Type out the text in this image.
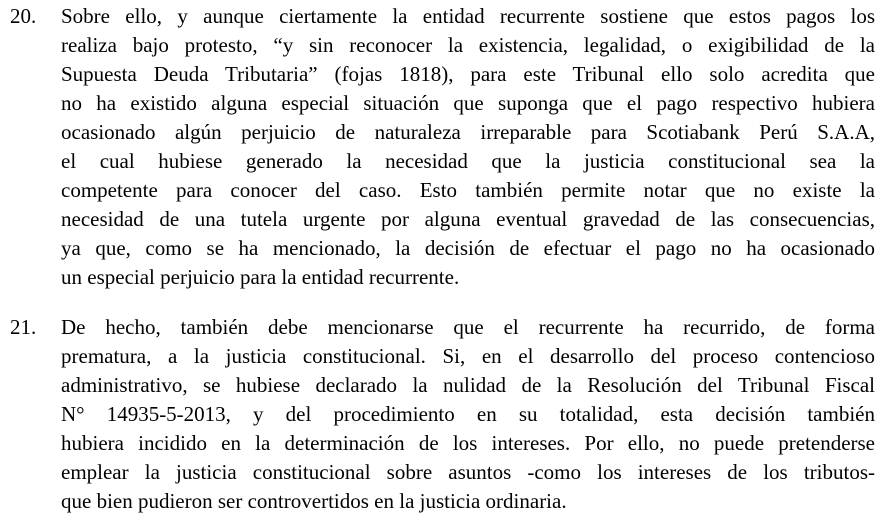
20. Sobre ello, y aunque ciertamente la entidad recurrente sostiene que estos pagos los
realiza bajo protesto, “y sin reconocer la existencia, legalidad, o exigibilidad de la
Supuesta Deuda Tributaria” (fojas 1818), para este Tribunal ello solo acredita que
no ha existido alguna especial situación que suponga que el pago respectivo hubiera
ocasionado algún perjuicio de naturaleza irreparable para Scotiabank Perú S.A.A,
el cual hubiese generado la necesidad que la justicia constitucional sea la
competente para conocer del caso. Esto también permite notar que no existe la
necesidad de una tutela urgente por alguna eventual gravedad de las consecuencias,
ya que, como se ha mencionado, la decisión de efectuar el pago no ha ocasionado
un especial perjuicio para la entidad recurrente.
21. De hecho, también debe mencionarse que el recurrente ha recurrido, de forma
prematura, a la justicia constitucional. Si, en el desarrollo del proceso contencioso
administrativo, se hubiese declarado la nulidad de la Resolución del Tribunal Fiscal
N° 14935-5-2013, y del procedimiento en su totalidad, esta decisión también
hubiera incidido en la determinación de los intereses. Por ello, no puede pretenderse
emplear la justicia constitucional sobre asuntos -como los intereses de los tributos-
que bien pudieron ser controvertidos en la justicia ordinaria.
